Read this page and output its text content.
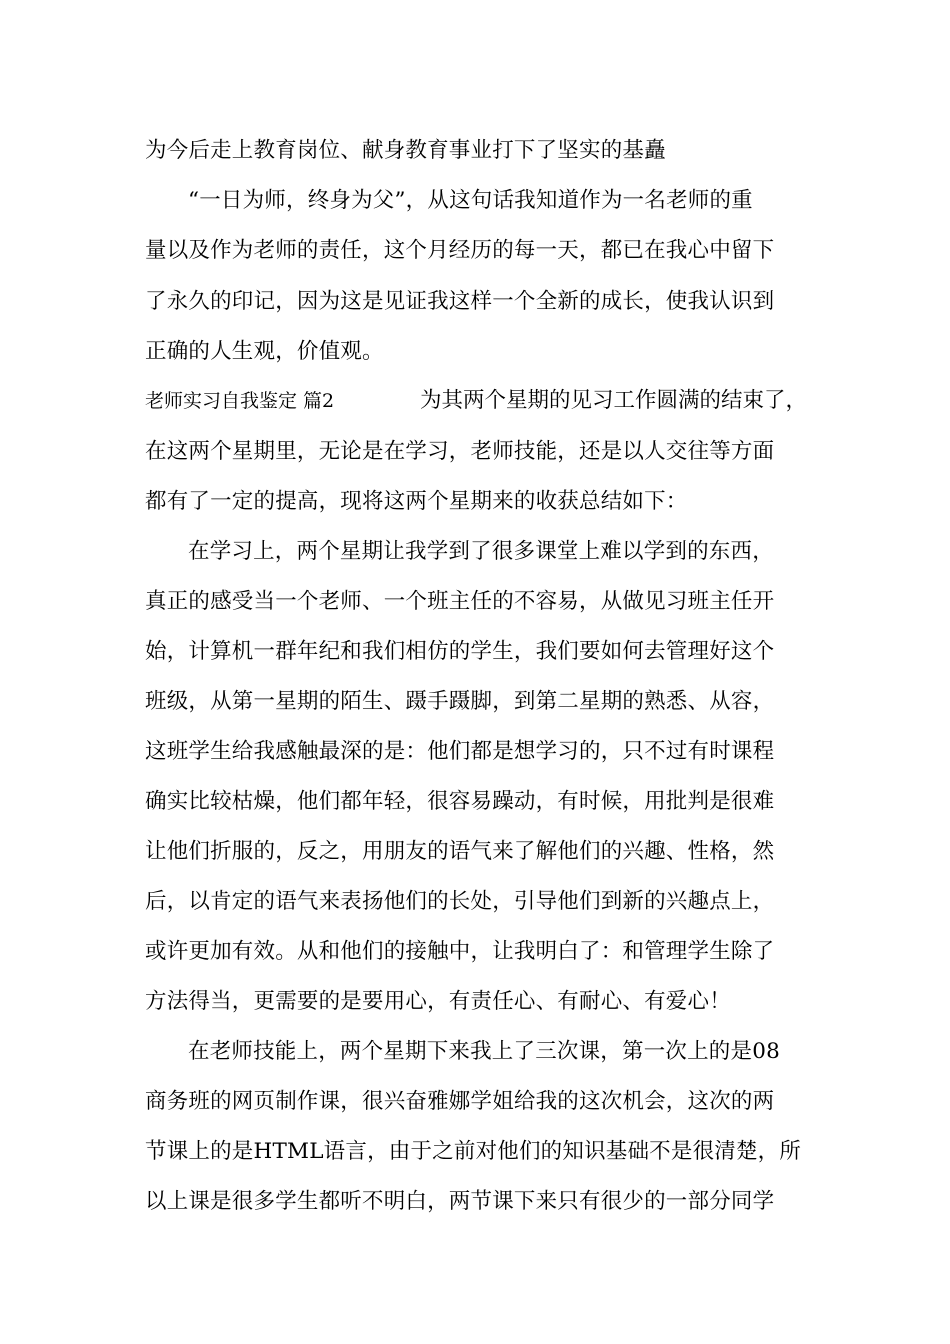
为今后走上教育岗位、献身教育事业打下了坚实的基矗
“一日为师，终身为父”，从这句话我知道作为一名老师的重
量以及作为老师的责任，这个月经历的每一天，都已在我心中留下
了永久的印记，因为这是见证我这样一个全新的成长，使我认识到
正确的人生观，价值观。
老师实习自我鉴定 篇2	为其两个星期的见习工作圆满的结束了，
在这两个星期里，无论是在学习，老师技能，还是以人交往等方面
都有了一定的提高，现将这两个星期来的收获总结如下：
在学习上，两个星期让我学到了很多课堂上难以学到的东西，
真正的感受当一个老师、一个班主任的不容易，从做见习班主任开
始，计算机一群年纪和我们相仿的学生，我们要如何去管理好这个
班级，从第一星期的陌生、蹑手蹑脚，到第二星期的熟悉、从容，
这班学生给我感触最深的是：他们都是想学习的，只不过有时课程
确实比较枯燥，他们都年轻，很容易躁动，有时候，用批判是很难
让他们折服的，反之，用朋友的语气来了解他们的兴趣、性格，然
后，以肯定的语气来表扬他们的长处，引导他们到新的兴趣点上，
或许更加有效。从和他们的接触中，让我明白了：和管理学生除了
方法得当，更需要的是要用心，有责任心、有耐心、有爱心！
在老师技能上，两个星期下来我上了三次课，第一次上的是08
商务班的网页制作课，很兴奋雅娜学姐给我的这次机会，这次的两
节课上的是HTML语言，由于之前对他们的知识基础不是很清楚，所
以上课是很多学生都听不明白，两节课下来只有很少的一部分同学
